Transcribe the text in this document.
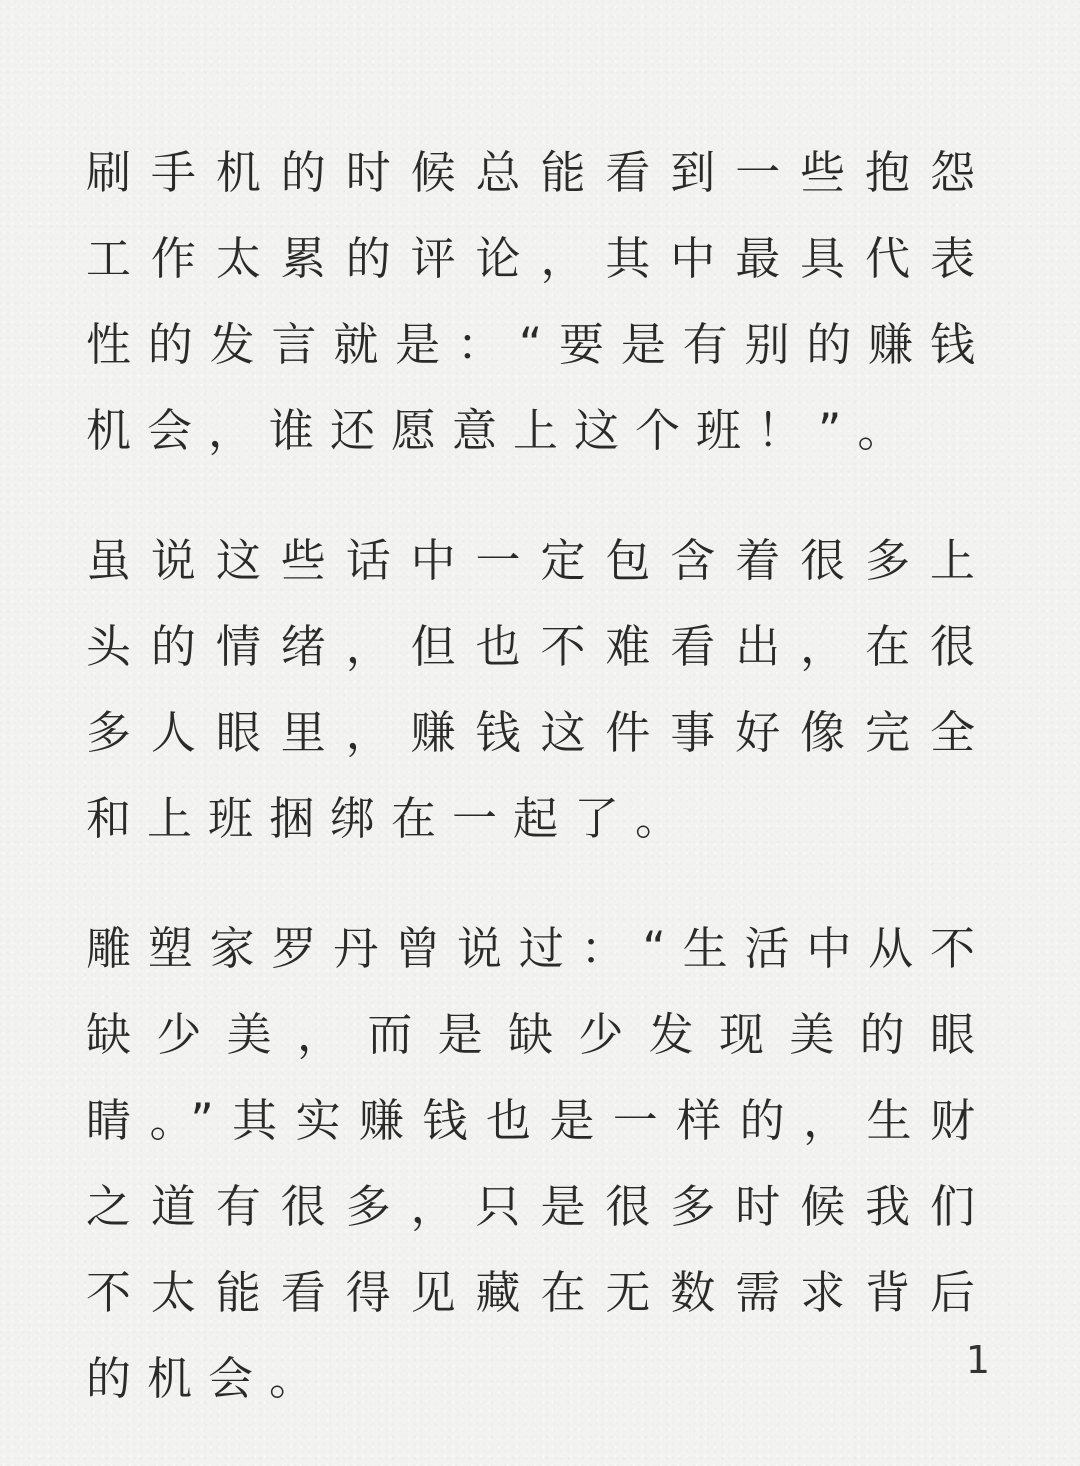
刷手机的时候总能看到一些抱怨工作太累的评论，其中最具代表性的发言就是：“要是有别的赚钱机会，谁还愿意上这个班！”。

虽说这些话中一定包含着很多上头的情绪，但也不难看出，在很多人眼里，赚钱这件事好像完全和上班捆绑在一起了。

雕塑家罗丹曾说过：“生活中从不缺少美，而是缺少发现美的眼睛。”其实赚钱也是一样的，生财之道有很多，只是很多时候我们不太能看得见藏在无数需求背后的机会。	1
